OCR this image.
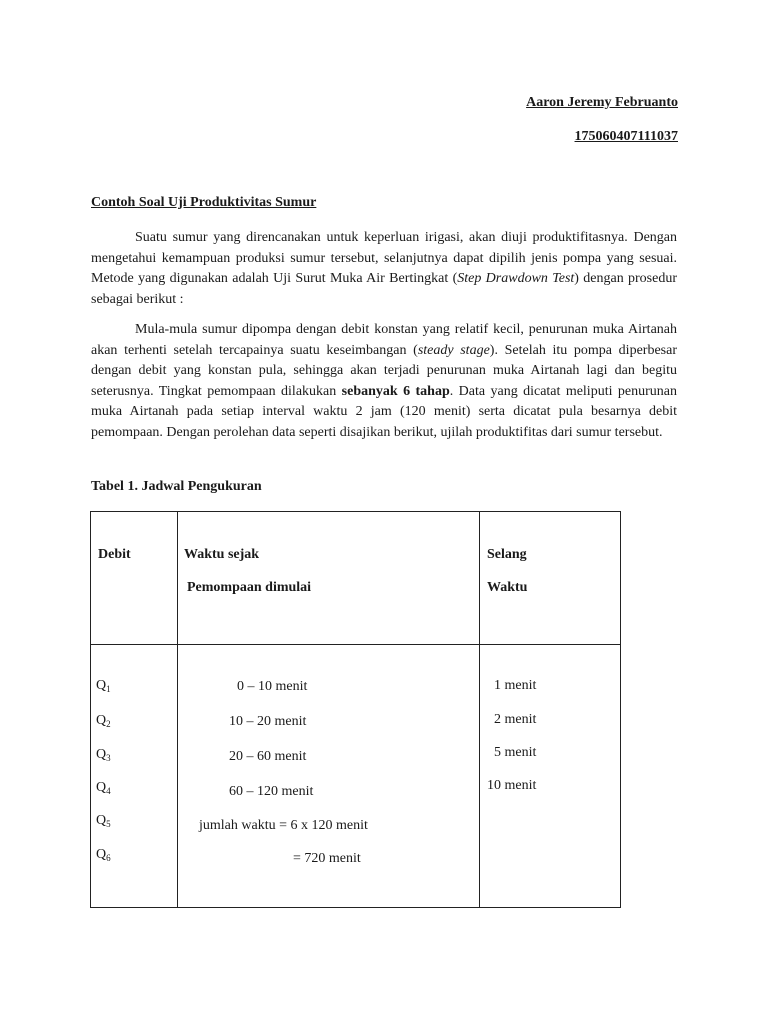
Aaron Jeremy Februanto
175060407111037
Contoh Soal Uji Produktivitas Sumur

Suatu sumur yang direncanakan untuk keperluan irigasi, akan diuji produktifitasnya. Dengan mengetahui kemampuan produksi sumur tersebut, selanjutnya dapat dipilih jenis pompa yang sesuai. Metode yang digunakan adalah Uji Surut Muka Air Bertingkat (Step Drawdown Test) dengan prosedur sebagai berikut :

Mula-mula sumur dipompa dengan debit konstan yang relatif kecil, penurunan muka Airtanah akan terhenti setelah tercapainya suatu keseimbangan (steady stage). Setelah itu pompa diperbesar dengan debit yang konstan pula, sehingga akan terjadi penurunan muka Airtanah lagi dan begitu seterusnya. Tingkat pemompaan dilakukan sebanyak 6 tahap. Data yang dicatat meliputi penurunan muka Airtanah pada setiap interval waktu 2 jam (120 menit) serta dicatat pula besarnya debit pemompaan. Dengan perolehan data seperti disajikan berikut, ujilah produktifitas dari sumur tersebut.

Tabel 1. Jadwal Pengukuran
Debit	Waktu sejak
Pemompaan dimulai
Selang
Waktu
$Q_1$
$Q_2$
$Q_3$
$Q_4$
$Q_5$
$Q_6$
0 – 10 menit
10 – 20 menit
20 – 60 menit
60 – 120 menit
jumlah waktu = 6 x 120 menit
= 720 menit
1 menit
2 menit
5 menit
10 menit
